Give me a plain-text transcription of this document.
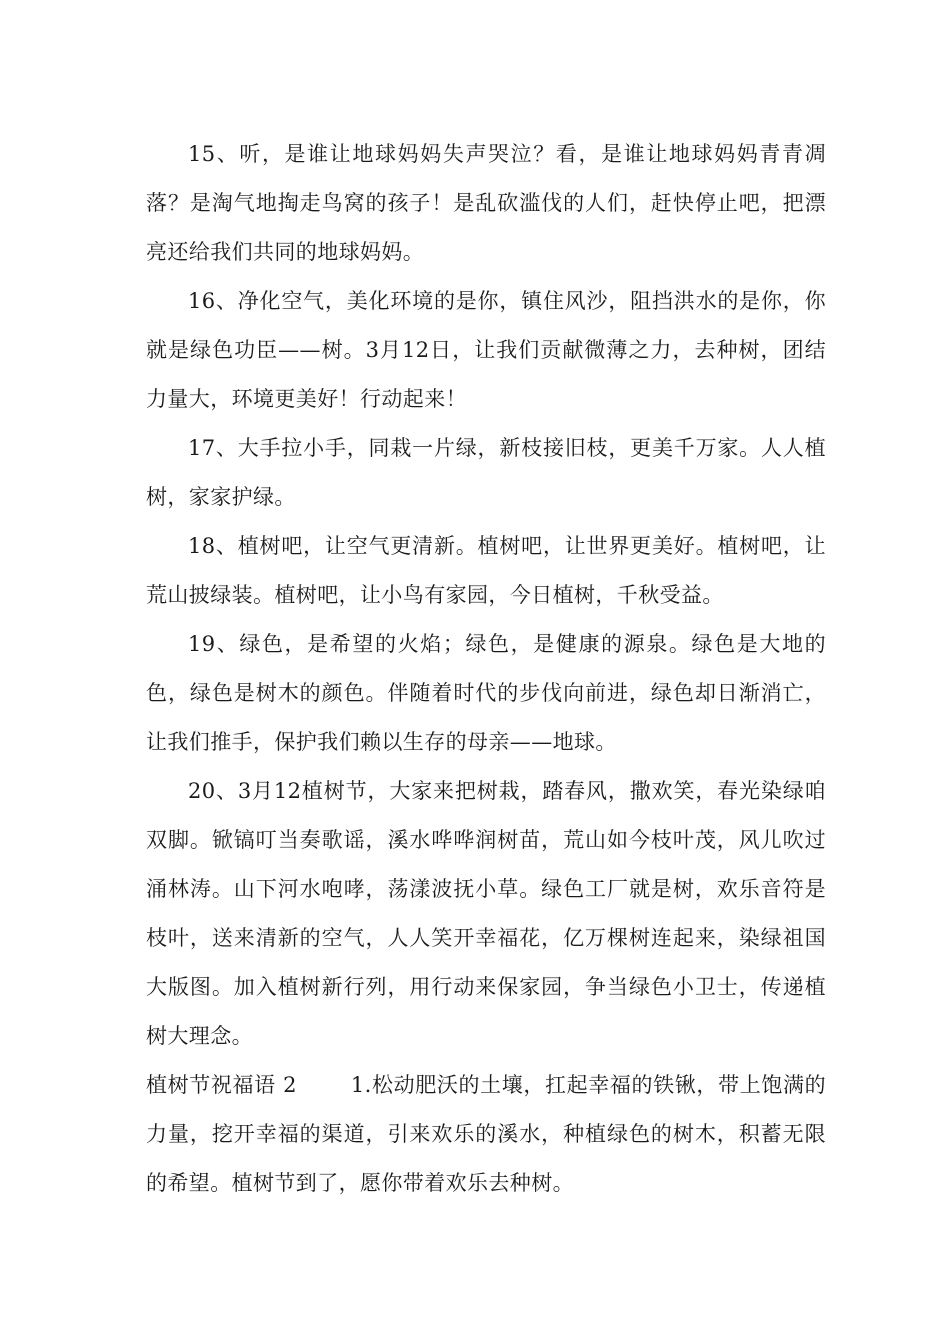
15、听，是谁让地球妈妈失声哭泣？看，是谁让地球妈妈青青凋落？是淘气地掏走鸟窝的孩子！是乱砍滥伐的人们，赶快停止吧，把漂亮还给我们共同的地球妈妈。

16、净化空气，美化环境的是你，镇住风沙，阻挡洪水的是你，你就是绿色功臣——树。3月12日，让我们贡献微薄之力，去种树，团结力量大，环境更美好！行动起来！

17、大手拉小手，同栽一片绿，新枝接旧枝，更美千万家。人人植树，家家护绿。

18、植树吧，让空气更清新。植树吧，让世界更美好。植树吧，让荒山披绿装。植树吧，让小鸟有家园，今日植树，千秋受益。

19、绿色，是希望的火焰；绿色，是健康的源泉。绿色是大地的色，绿色是树木的颜色。伴随着时代的步伐向前进，绿色却日渐消亡，让我们推手，保护我们赖以生存的母亲——地球。

20、3月12植树节，大家来把树栽，踏春风，撒欢笑，春光染绿咱双脚。锨镐叮当奏歌谣，溪水哗哗润树苗，荒山如今枝叶茂，风儿吹过涌林涛。山下河水咆哮，荡漾波抚小草。绿色工厂就是树，欢乐音符是枝叶，送来清新的空气，人人笑开幸福花，亿万棵树连起来，染绿祖国大版图。加入植树新行列，用行动来保家园，争当绿色小卫士，传递植树大理念。

植树节祝福语 2	1.松动肥沃的土壤，扛起幸福的铁锹，带上饱满的力量，挖开幸福的渠道，引来欢乐的溪水，种植绿色的树木，积蓄无限的希望。植树节到了，愿你带着欢乐去种树。
